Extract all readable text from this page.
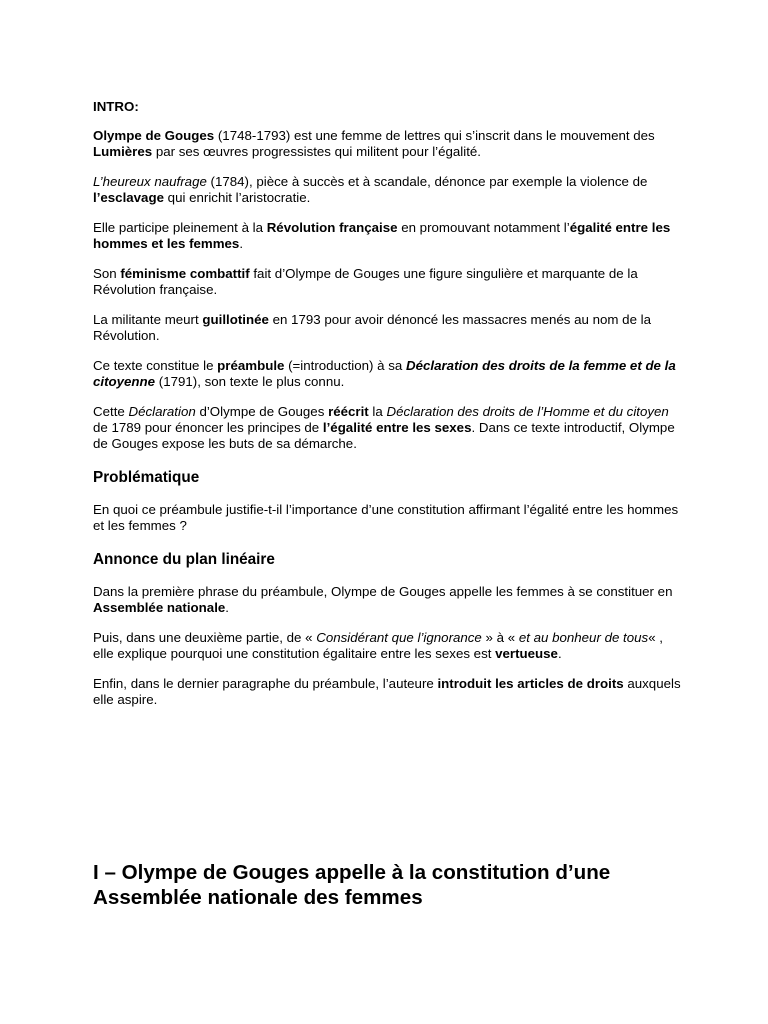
INTRO:

Olympe de Gouges (1748-1793) est une femme de lettres qui s’inscrit dans le mouvement des Lumières par ses œuvres progressistes qui militent pour l’égalité.

L’heureux naufrage (1784), pièce à succès et à scandale, dénonce par exemple la violence de l’esclavage qui enrichit l’aristocratie.

Elle participe pleinement à la Révolution française en promouvant notamment l’égalité entre les hommes et les femmes.

Son féminisme combattif fait d’Olympe de Gouges une figure singulière et marquante de la Révolution française.

La militante meurt guillotinée en 1793 pour avoir dénoncé les massacres menés au nom de la Révolution.

Ce texte constitue le préambule (=introduction) à sa Déclaration des droits de la femme et de la citoyenne (1791), son texte le plus connu.

Cette Déclaration d’Olympe de Gouges réécrit la Déclaration des droits de l’Homme et du citoyen de 1789 pour énoncer les principes de l’égalité entre les sexes. Dans ce texte introductif, Olympe de Gouges expose les buts de sa démarche.

Problématique

En quoi ce préambule justifie-t-il l’importance d’une constitution affirmant l’égalité entre les hommes et les femmes ?

Annonce du plan linéaire

Dans la première phrase du préambule, Olympe de Gouges appelle les femmes à se constituer en Assemblée nationale.

Puis, dans une deuxième partie, de « Considérant que l’ignorance » à « et au bonheur de tous« , elle explique pourquoi une constitution égalitaire entre les sexes est vertueuse.

Enfin, dans le dernier paragraphe du préambule, l’auteure introduit les articles de droits auxquels elle aspire.

I – Olympe de Gouges appelle à la constitution d’une Assemblée nationale des femmes
